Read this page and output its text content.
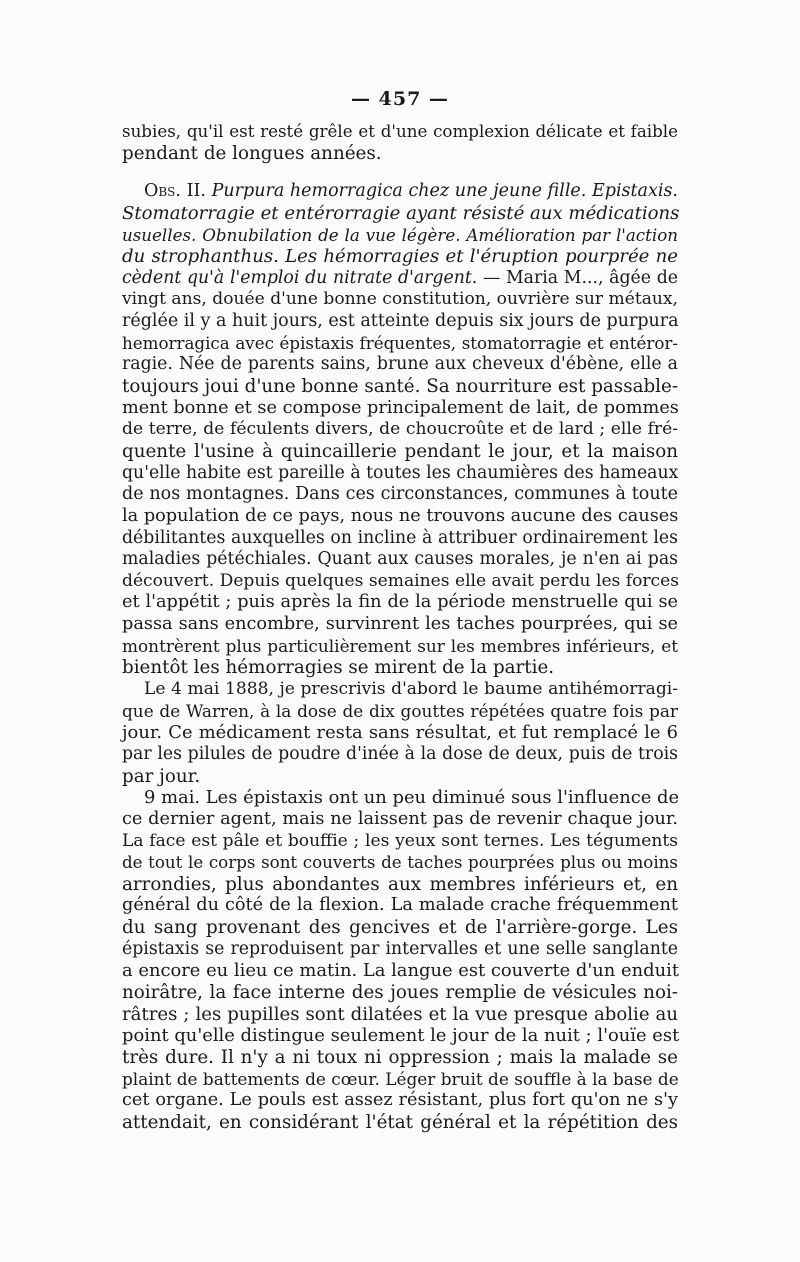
— 457 —
subies, qu'il est resté grêle et d'une complexion délicate et faible
pendant de longues années.
Obs. II. Purpura hemorragica chez une jeune fille. Epistaxis.
Stomatorragie et entérorragie ayant résisté aux médications
usuelles. Obnubilation de la vue légère. Amélioration par l'action
du strophanthus. Les hémorragies et l'éruption pourprée ne
cèdent qu'à l'emploi du nitrate d'argent. — Maria M..., âgée de
vingt ans, douée d'une bonne constitution, ouvrière sur métaux,
réglée il y a huit jours, est atteinte depuis six jours de purpura
hemorragica avec épistaxis fréquentes, stomatorragie et entéror-
ragie. Née de parents sains, brune aux cheveux d'ébène, elle a
toujours joui d'une bonne santé. Sa nourriture est passable-
ment bonne et se compose principalement de lait, de pommes
de terre, de féculents divers, de choucroûte et de lard ; elle fré-
quente l'usine à quincaillerie pendant le jour, et la maison
qu'elle habite est pareille à toutes les chaumières des hameaux
de nos montagnes. Dans ces circonstances, communes à toute
la population de ce pays, nous ne trouvons aucune des causes
débilitantes auxquelles on incline à attribuer ordinairement les
maladies pétéchiales. Quant aux causes morales, je n'en ai pas
découvert. Depuis quelques semaines elle avait perdu les forces
et l'appétit ; puis après la fin de la période menstruelle qui se
passa sans encombre, survinrent les taches pourprées, qui se
montrèrent plus particulièrement sur les membres inférieurs, et
bientôt les hémorragies se mirent de la partie.
Le 4 mai 1888, je prescrivis d'abord le baume antihémorragi-
que de Warren, à la dose de dix gouttes répétées quatre fois par
jour. Ce médicament resta sans résultat, et fut remplacé le 6
par les pilules de poudre d'inée à la dose de deux, puis de trois
par jour.
9 mai. Les épistaxis ont un peu diminué sous l'influence de
ce dernier agent, mais ne laissent pas de revenir chaque jour.
La face est pâle et bouffie ; les yeux sont ternes. Les téguments
de tout le corps sont couverts de taches pourprées plus ou moins
arrondies, plus abondantes aux membres inférieurs et, en
général du côté de la flexion. La malade crache fréquemment
du sang provenant des gencives et de l'arrière-gorge. Les
épistaxis se reproduisent par intervalles et une selle sanglante
a encore eu lieu ce matin. La langue est couverte d'un enduit
noirâtre, la face interne des joues remplie de vésicules noi-
râtres ; les pupilles sont dilatées et la vue presque abolie au
point qu'elle distingue seulement le jour de la nuit ; l'ouïe est
très dure. Il n'y a ni toux ni oppression ; mais la malade se
plaint de battements de cœur. Léger bruit de souffle à la base de
cet organe. Le pouls est assez résistant, plus fort qu'on ne s'y
attendait, en considérant l'état général et la répétition des
